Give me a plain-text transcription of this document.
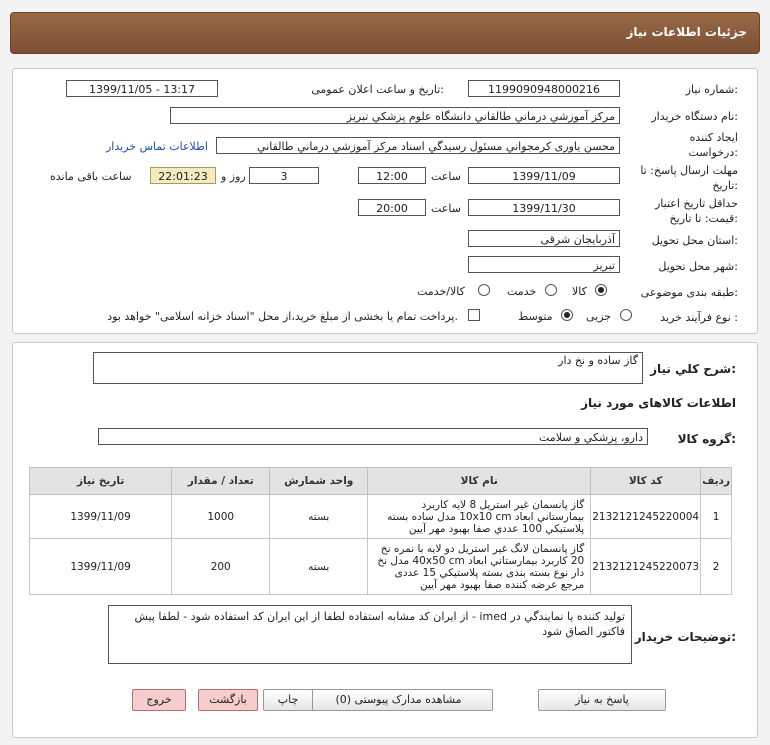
جزئیات اطلاعات نیاز
شماره نیاز:
1199090948000216
تاریخ و ساعت اعلان عمومی:
1399/11/05 - 13:17
نام دستگاه خریدار:
مرکز آموزشي درماني طالقاني دانشگاه علوم پزشکي تبريز
ایجاد کننده درخواست:
محسن ياوری کرمجواني مسئول رسيدگي اسناد مرکز آموزشي درماني طالقاني
اطلاعات تماس خریدار
مهلت ارسال پاسخ: تا تاریخ:
1399/11/09
ساعت
12:00
3
روز و
22:01:23
ساعت باقی مانده
حداقل تاریخ اعتبار قیمت: تا تاریخ:
1399/11/30
ساعت
20:00
استان محل تحویل:
آذربایجان شرقی
شهر محل تحویل:
تبریز
طبقه بندی موضوعی:
کالا
خدمت
کالا/خدمت
نوع فرآیند خرید :
جزیی
متوسط
پرداخت تمام یا بخشی از مبلغ خرید،از محل "اسناد خزانه اسلامی" خواهد بود.
شرح کلي نياز:
گاز ساده و نخ دار
اطلاعات کالاهای مورد نیاز
گروه کالا:
دارو، پزشکي و سلامت
ردیف	کد کالا	نام کالا	واحد شمارش	تعداد / مقدار	تاریخ نیاز
1	2132121245220004	گاز پانسمان غير استريل 8 لايه کاربرد بيمارستاني ابعاد 10x10 cm مدل ساده بسته پلاستيکي 100 عددي صفا بهبود مهر آيين	بسته	1000	1399/11/09
2	2132121245220073	گاز پانسمان لانگ غير استريل دو لايه با نمره نخ 20 کاربرد بيمارستاني ابعاد 40x50 cm مدل نخ دار نوع بسته بندی بسته پلاستيکي 15 عددی مرجع عرضه کننده صفا بهبود مهر آيين	بسته	200	1399/11/09
توضیحات خریدار:
توليد کننده يا نمايندگي در imed - از ايران کد مشابه استفاده لطفا از اين ايران کد استفاده شود - لطفا پيش فاکتور الصاق شود
پاسخ به نیاز
مشاهده مدارک پیوستی (0)
چاپ
بازگشت
خروج
